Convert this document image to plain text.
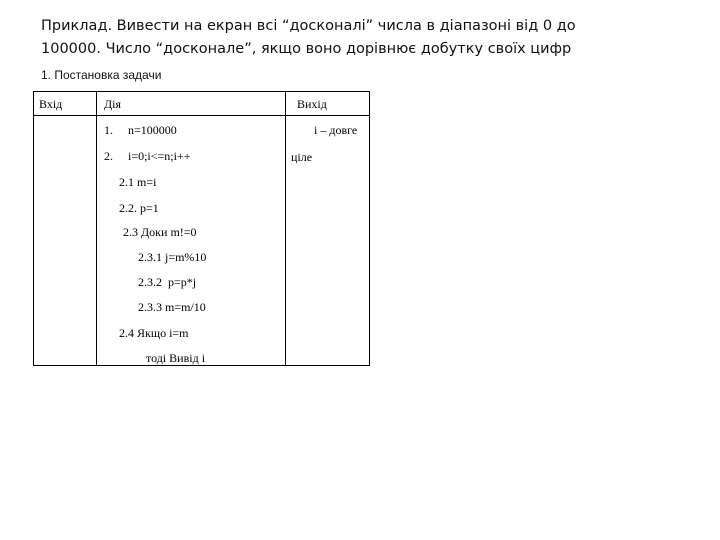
Приклад. Вивести на екран всі “досконалі” числа в діапазоні від 0 до
100000. Число “досконале”, якщо воно дорівнює добутку своїх цифр
1. Постановка задачи
Вхід	Дія	Вихід
1.     n=100000
2.     i=0;i<=n;i++
2.1 m=i
2.2. p=1
2.3 Доки m!=0
2.3.1 j=m%10
2.3.2  p=p*j
2.3.3 m=m/10
2.4 Якщо i=m
тоді Вивід i
i – довге
ціле
